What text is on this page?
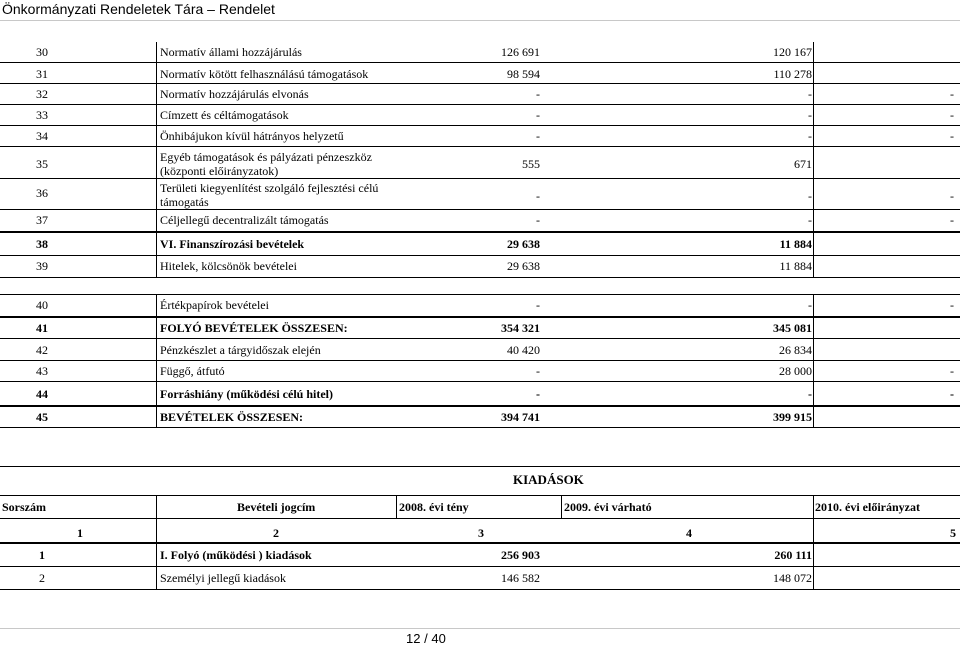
Önkormányzati Rendeletek Tára – Rendelet
30	Normatív állami hozzájárulás	126 691	120 167
31	Normatív kötött felhasználású támogatások	98 594	110 278
32	Normatív hozzájárulás elvonás	-	-	-
33	Címzett és céltámogatások	-	-	-
34	Önhibájukon kívül hátrányos helyzetű	-	-	-
35	Egyéb támogatások és pályázati pénzeszköz
(központi előirányzatok)	555	671
36	Területi kiegyenlítést szolgáló fejlesztési célú
támogatás	-	-	-
37	Céljellegű decentralizált támogatás	-	-	-
38	VI. Finanszírozási bevételek	29 638	11 884
39	Hitelek, kölcsönök bevételei	29 638	11 884
40	Értékpapírok bevételei	-	-	-
41	FOLYÓ BEVÉTELEK ÖSSZESEN:	354 321	345 081
42	Pénzkészlet a tárgyidőszak elején	40 420	26 834
43	Függő, átfutó	-	28 000	-
44	Forráshiány (működési célú hitel)	-	-	-
45	BEVÉTELEK ÖSSZESEN:	394 741	399 915
KIADÁSOK
Sorszám	Bevételi jogcím	2008. évi tény	2009. évi várható	2010. évi előirányzat
1	2	3	4	5
1	I. Folyó (működési ) kiadások	256 903	260 111
2	Személyi jellegű kiadások	146 582	148 072
12 / 40
